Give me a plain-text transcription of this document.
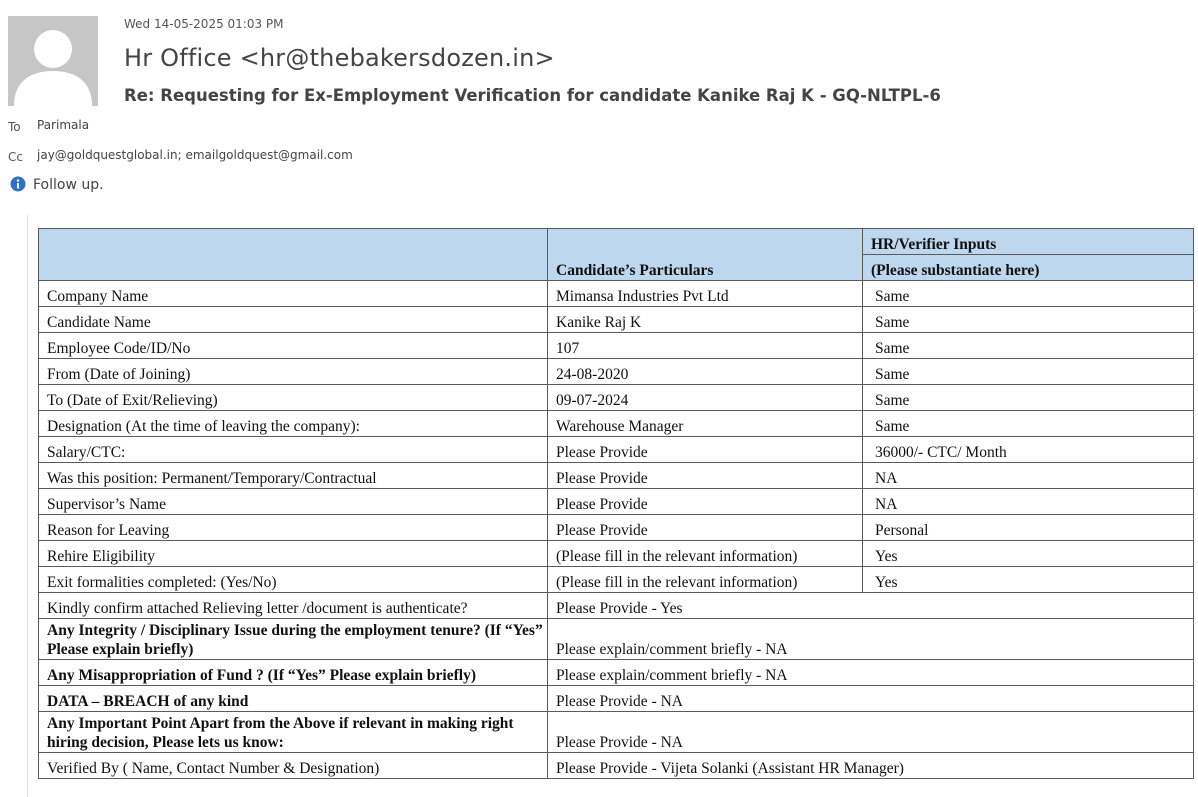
Wed 14-05-2025 01:03 PM
Hr Office <hr@thebakersdozen.in>
Re: Requesting for Ex-Employment Verification for candidate Kanike Raj K - GQ-NLTPL-6
To Parimala
Cc jay@goldquestglobal.in; emailgoldquest@gmail.com
Follow up.
	Candidate’s Particulars	HR/Verifier Inputs
		(Please substantiate here)
Company Name	Mimansa Industries Pvt Ltd	Same
Candidate Name	Kanike Raj K	Same
Employee Code/ID/No	107	Same
From (Date of Joining)	24-08-2020	Same
To (Date of Exit/Relieving)	09-07-2024	Same
Designation (At the time of leaving the company):	Warehouse Manager	Same
Salary/CTC:	Please Provide	36000/- CTC/ Month
Was this position: Permanent/Temporary/Contractual	Please Provide	NA
Supervisor’s Name	Please Provide	NA
Reason for Leaving	Please Provide	Personal
Rehire Eligibility	(Please fill in the relevant information)	Yes
Exit formalities completed: (Yes/No)	(Please fill in the relevant information)	Yes
Kindly confirm attached Relieving letter /document is authenticate?	Please Provide - Yes	
Any Integrity / Disciplinary Issue during the employment tenure? (If “Yes” Please explain briefly)	Please explain/comment briefly - NA	
Any Misappropriation of Fund ? (If “Yes” Please explain briefly)	Please explain/comment briefly - NA	
DATA – BREACH of any kind	Please Provide - NA	
Any Important Point Apart from the Above if relevant in making right hiring decision, Please lets us know:	Please Provide - NA	
Verified By ( Name, Contact Number & Designation)	Please Provide - Vijeta Solanki (Assistant HR Manager)	
